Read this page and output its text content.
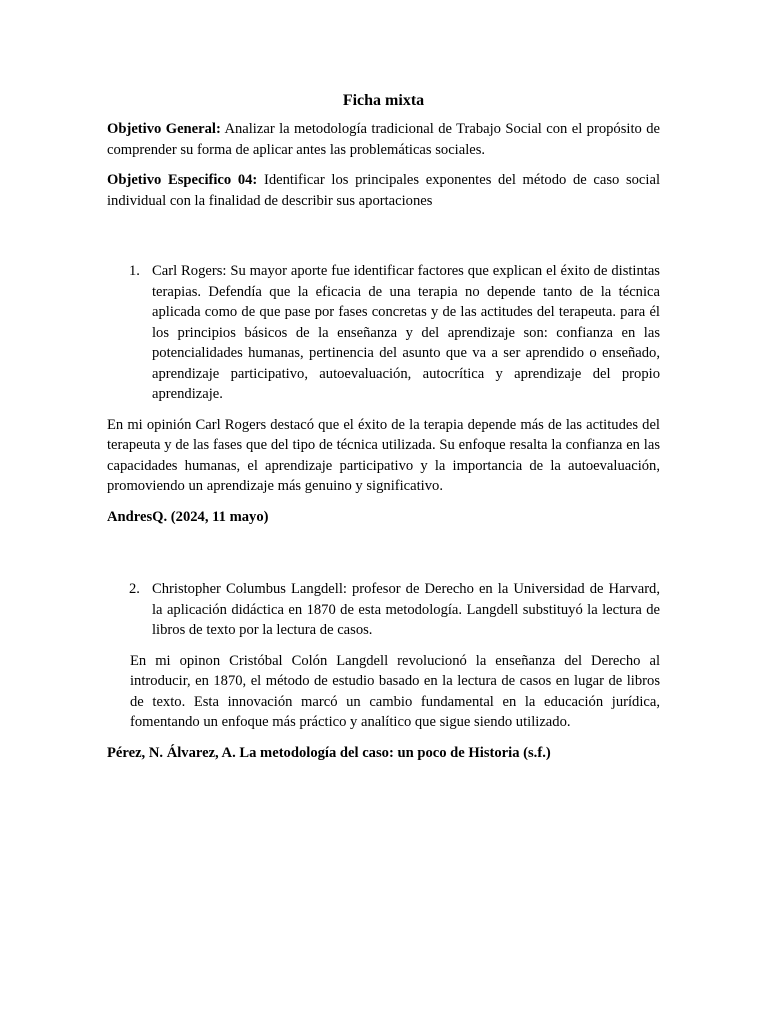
Ficha mixta

Objetivo General: Analizar la metodología tradicional de Trabajo Social con el propósito de comprender su forma de aplicar antes las problemáticas sociales.

Objetivo Especifico 04: Identificar los principales exponentes del método de caso social individual con la finalidad de describir sus aportaciones

1. Carl Rogers: Su mayor aporte fue identificar factores que explican el éxito de distintas terapias. Defendía que la eficacia de una terapia no depende tanto de la técnica aplicada como de que pase por fases concretas y de las actitudes del terapeuta. para él los principios básicos de la enseñanza y del aprendizaje son: confianza en las potencialidades humanas, pertinencia del asunto que va a ser aprendido o enseñado, aprendizaje participativo, autoevaluación, autocrítica y aprendizaje del propio aprendizaje.

En mi opinión Carl Rogers destacó que el éxito de la terapia depende más de las actitudes del terapeuta y de las fases que del tipo de técnica utilizada. Su enfoque resalta la confianza en las capacidades humanas, el aprendizaje participativo y la importancia de la autoevaluación, promoviendo un aprendizaje más genuino y significativo.

AndresQ. (2024, 11 mayo)

2. Christopher Columbus Langdell: profesor de Derecho en la Universidad de Harvard, la aplicación didáctica en 1870 de esta metodología. Langdell substituyó la lectura de libros de texto por la lectura de casos.

En mi opinon Cristóbal Colón Langdell revolucionó la enseñanza del Derecho al introducir, en 1870, el método de estudio basado en la lectura de casos en lugar de libros de texto. Esta innovación marcó un cambio fundamental en la educación jurídica, fomentando un enfoque más práctico y analítico que sigue siendo utilizado.

Pérez, N. Álvarez, A. La metodología del caso: un poco de Historia (s.f.)
